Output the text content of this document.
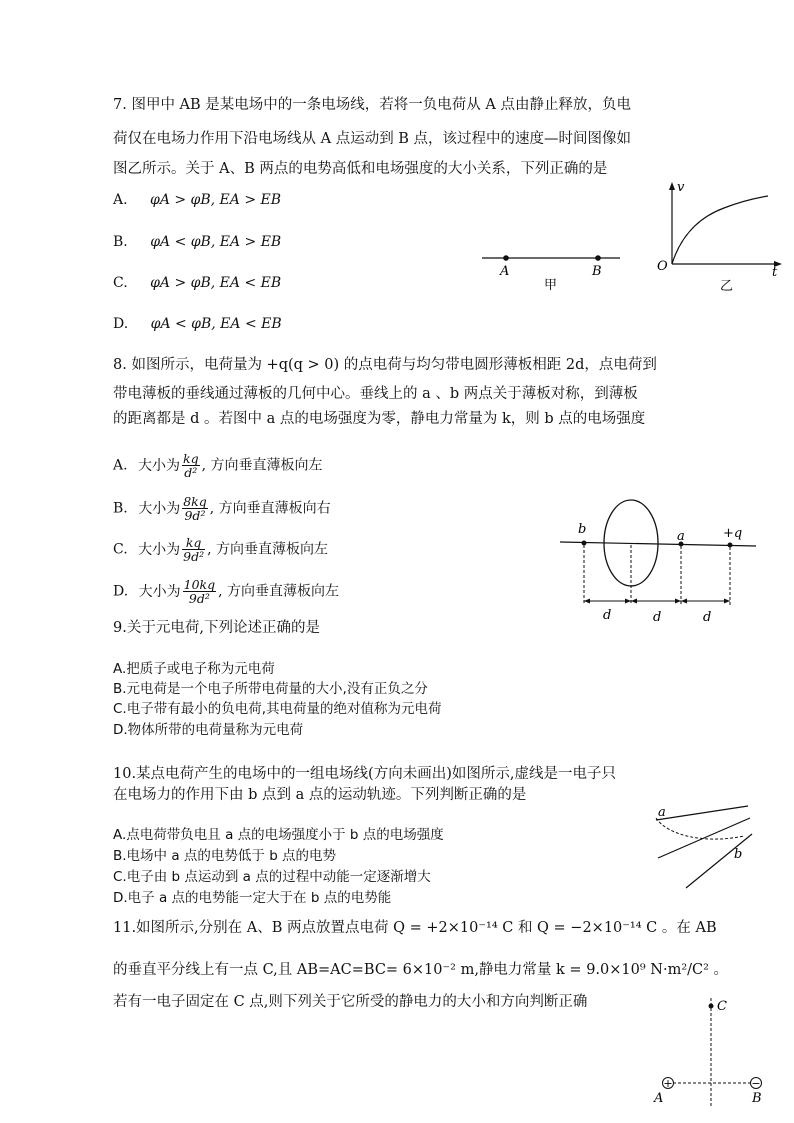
7. 图甲中 AB 是某电场中的一条电场线，若将一负电荷从 A 点由静止释放，负电
荷仅在电场力作用下沿电场线从 A 点运动到 B 点，该过程中的速度—时间图像如
图乙所示。关于 A、B 两点的电势高低和电场强度的大小关系，下列正确的是
A. φA > φB, EA > EB
B. φA < φB, EA > EB
C. φA > φB, EA < EB
D. φA < φB, EA < EB
A	B
甲
v
t
O
乙
8. 如图所示，电荷量为 +q(q > 0) 的点电荷与均匀带电圆形薄板相距 2d，点电荷到
带电薄板的垂线通过薄板的几何中心。垂线上的 a 、b 两点关于薄板对称，到薄板
的距离都是 d 。若图中 a 点的电场强度为零，静电力常量为 k，则 b 点的电场强度
A. 大小为 $\frac{kq}{\text{d²}}$ , 方向垂直薄板向左
B. 大小为 $\frac{8kq}{\text{9d²}}$ , 方向垂直薄板向右
C. 大小为 $\frac{kq}{\text{9d²}}$ , 方向垂直薄板向左
D. 大小为 $\frac{10kq}{\text{9d²}}$ , 方向垂直薄板向左
b	a	+q
d	d	d
9.关于元电荷,下列论述正确的是
A.把质子或电子称为元电荷
B.元电荷是一个电子所带电荷量的大小,没有正负之分
C.电子带有最小的负电荷,其电荷量的绝对值称为元电荷
D.物体所带的电荷量称为元电荷
10.某点电荷产生的电场中的一组电场线(方向未画出)如图所示,虚线是一电子只
在电场力的作用下由 b 点到 a 点的运动轨迹。下列判断正确的是
A.点电荷带负电且 a 点的电场强度小于 b 点的电场强度
B.电场中 a 点的电势低于 b 点的电势
C.电子由 b 点运动到 a 点的过程中动能一定逐渐增大
D.电子 a 点的电势能一定大于在 b 点的电势能
a
b
11.如图所示,分别在 A、B 两点放置点电荷 Q = +2×10⁻¹⁴ C 和 Q = −2×10⁻¹⁴ C 。在 AB
的垂直平分线上有一点 C,且 AB=AC=BC= 6×10⁻² m,静电力常量 k = 9.0×10⁹ N·m²/C² 。
若有一电子固定在 C 点,则下列关于它所受的静电力的大小和方向判断正确
+	−
C
A	B
